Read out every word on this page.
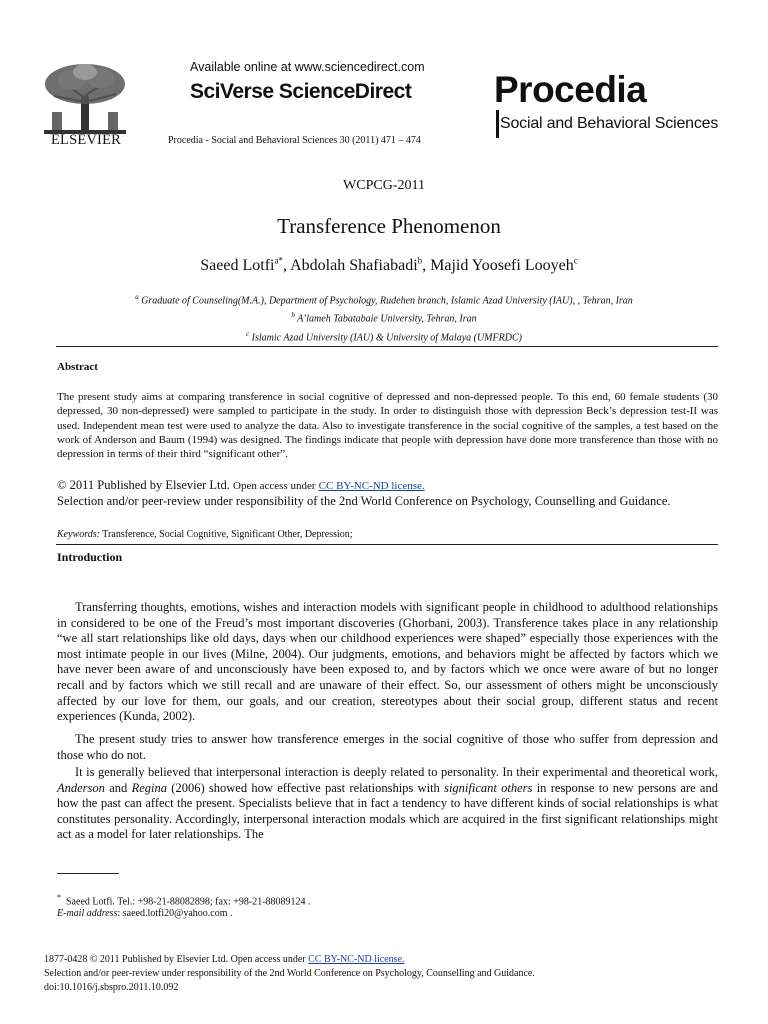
ELSEVIER
Available online at www.sciencedirect.com
SciVerse ScienceDirect
Procedia - Social and Behavioral Sciences 30 (2011) 471 – 474
Procedia
Social and Behavioral Sciences
WCPCG-2011
Transference Phenomenon
Saeed Lotfi$^{a*}$, Abdolah Shafiabadi$^b$, Majid Yoosefi Looyeh$^c$
$^a$ Graduate of Counseling(M.A.), Department of Psychology, Rudehen branch, Islamic Azad University (IAU), , Tehran, Iran
$^b$ A’lameh Tabatabaie University, Tehran, Iran
$^c$ Islamic Azad University (IAU) & University of Malaya (UMFRDC)
Abstract
The present study aims at comparing transference in social cognitive of depressed and non-depressed people. To this end, 60 female students (30 depressed, 30 non-depressed) were sampled to participate in the study. In order to distinguish those with depression Beck’s depression test-II was used. Independent mean test were used to analyze the data. Also to investigate transference in the social cognitive of the samples, a test based on the work of Anderson and Baum (1994) was designed. The findings indicate that people with depression have done more transference than those with no depression in terms of their third “significant other”.
© 2011 Published by Elsevier Ltd. Open access under CC BY-NC-ND license.
Selection and/or peer-review under responsibility of the 2nd World Conference on Psychology, Counselling and Guidance.
Keywords: Transference, Social Cognitive, Significant Other, Depression;
Introduction
Transferring thoughts, emotions, wishes and interaction models with significant people in childhood to adulthood relationships in considered to be one of the Freud’s most important discoveries (Ghorbani, 2003). Transference takes place in any relationship “we all start relationships like old days, days when our childhood experiences were shaped” especially those experiences with the most intimate people in our lives (Milne, 2004). Our judgments, emotions, and behaviors might be affected by factors which we have never been aware of and unconsciously have been exposed to, and by factors which we once were aware of but no longer recall and by factors which we still recall and are unaware of their effect. So, our assessment of others might be unconsciously affected by our love for them, our goals, and our creation, stereotypes about their social group, different status and recent experiences (Kunda, 2002).
The present study tries to answer how transference emerges in the social cognitive of those who suffer from depression and those who do not.
It is generally believed that interpersonal interaction is deeply related to personality. In their experimental and theoretical work, Anderson and Regina (2006) showed how effective past relationships with significant others in response to new persons are and how the past can affect the present. Specialists believe that in fact a tendency to have different kinds of social relationships is what constitutes personality. Accordingly, interpersonal interaction modals which are acquired in the first significant relationships might act as a model for later relationships. The
* Saeed Lotfi. Tel.: +98-21-88082898; fax: +98-21-88089124 .
E-mail address: saeed.lotfi20@yahoo.com .
1877-0428 © 2011 Published by Elsevier Ltd. Open access under CC BY-NC-ND license.
Selection and/or peer-review under responsibility of the 2nd World Conference on Psychology, Counselling and Guidance.
doi:10.1016/j.sbspro.2011.10.092
